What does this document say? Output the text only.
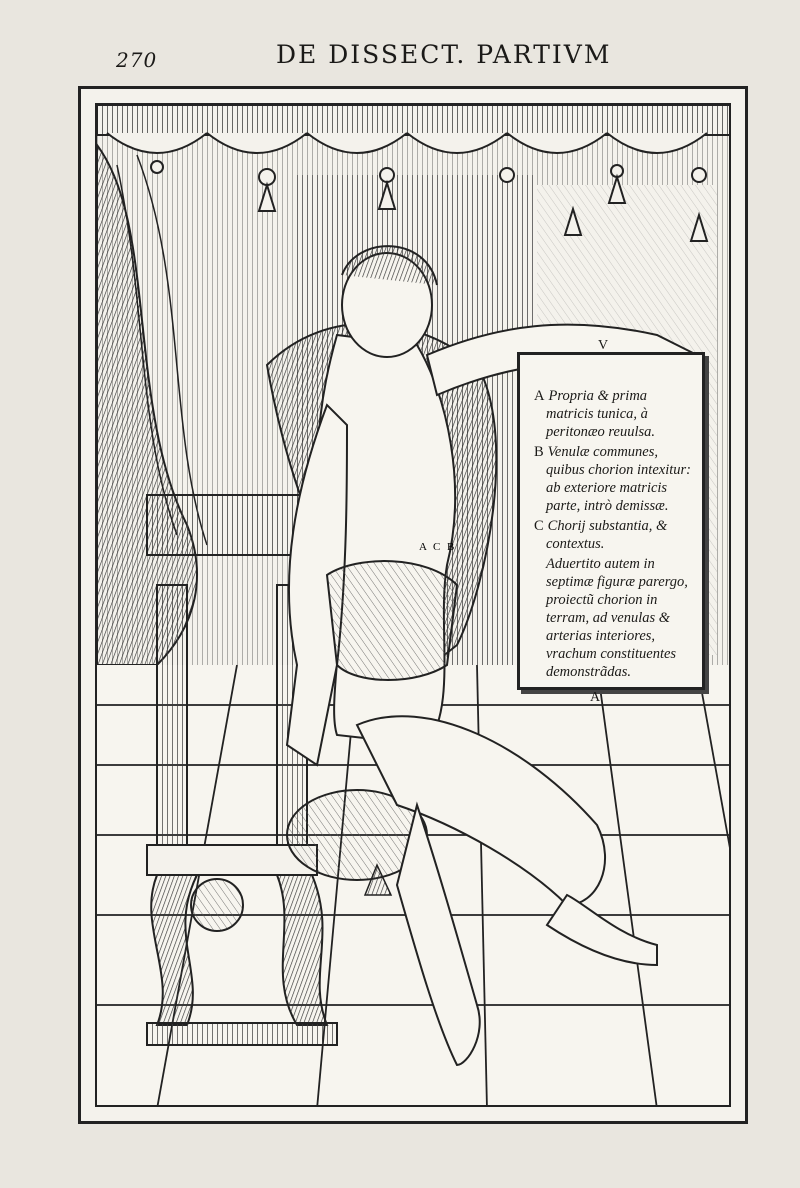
270	DE DISSECT. PARTIVM
A C B
V
A Propria & prima matricis tunica, à peritonæo reuulsa.
B Venulæ communes, quibus chorion intexitur: ab exteriore matricis parte, intrò demissæ.
C Chorij substantia, & contextus.
Aduertito autem in septimæ figuræ parergo, proiectũ chorion in terram, ad venulas & arterias interiores, vrachum constituentes demonstrãdas.
A
